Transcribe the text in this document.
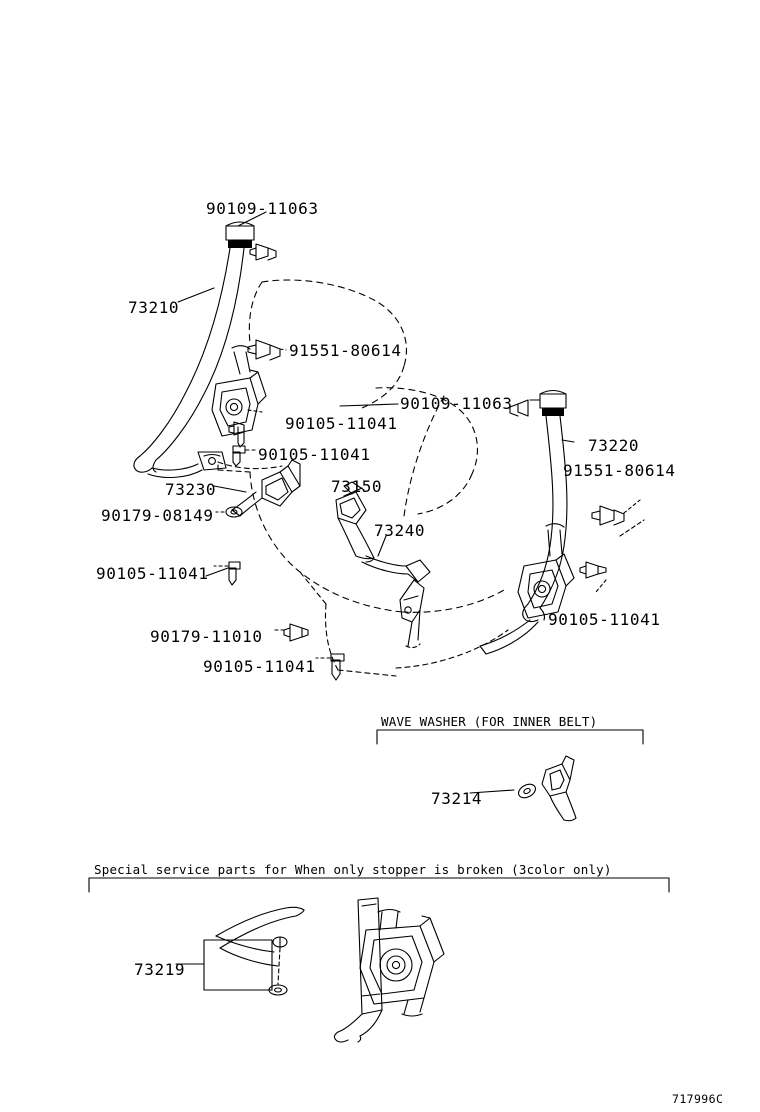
90109-11063
73210
91551-80614
90109-11063
90105-11041
73220
90105-11041
91551-80614
73230	73150
90179-08149
73240
90105-11041
90105-11041
90179-11010
90105-11041
73214
73219
WAVE WASHER (FOR INNER BELT)
Special service parts for When only stopper is broken (3color only)
717996C
